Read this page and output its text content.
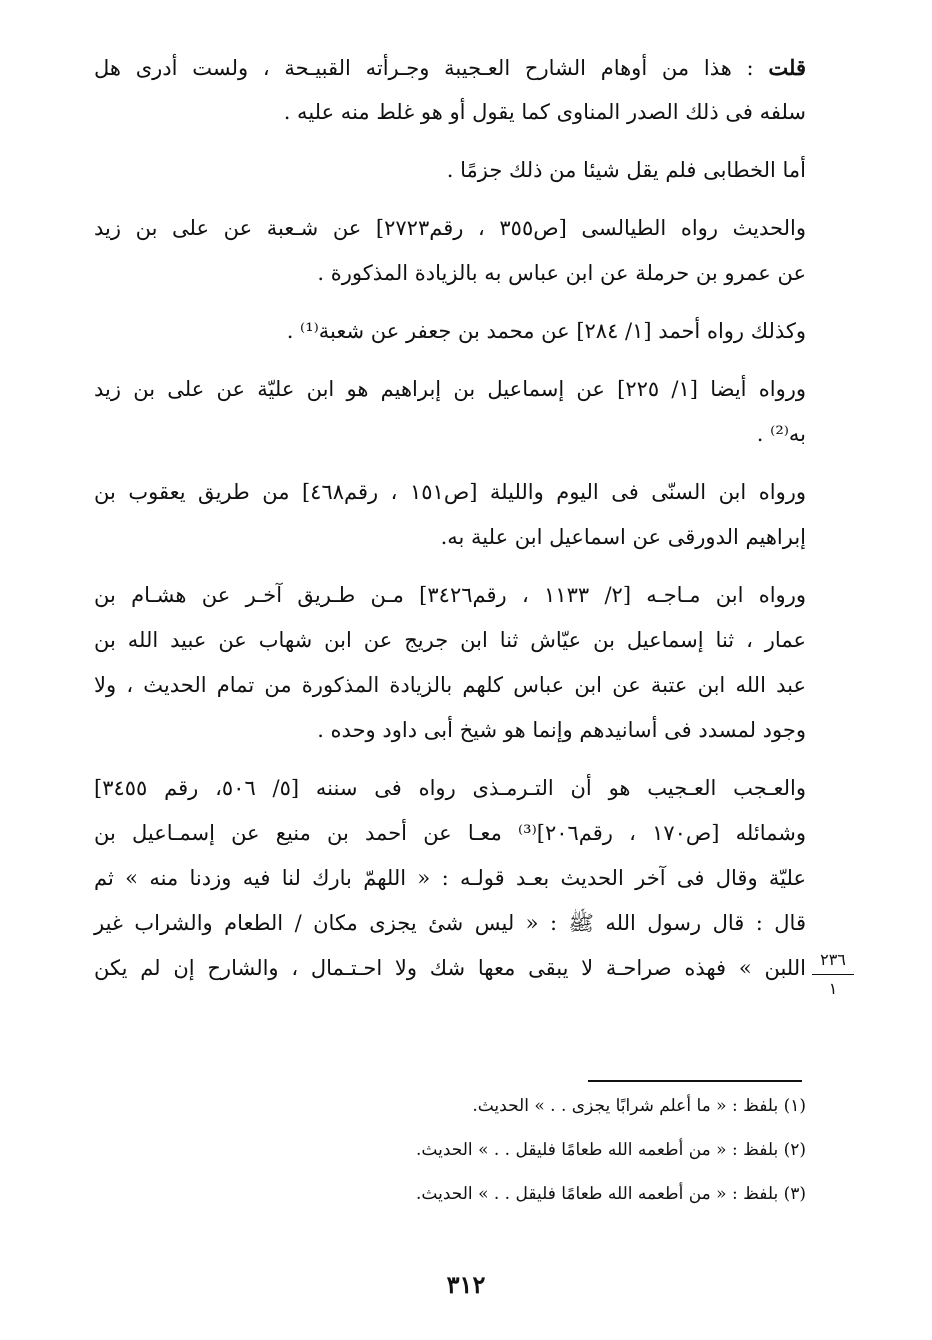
قلت : هذا من أوهام الشارح العـجيبة وجـرأته القبيـحة ، ولست أدرى هل
سلفه فى ذلك الصدر المناوى كما يقول أو هو غلط منه عليه .
أما الخطابى فلم يقل شيئا من ذلك جزمًا .
والحديث رواه الطيالسى [ص٣٥٥ ، رقم٢٧٢٣] عن شـعبة عن على بن زيد
عن عمرو بن حرملة عن ابن عباس به بالزيادة المذكورة .
وكذلك رواه أحمد [١/ ٢٨٤] عن محمد بن جعفر عن شعبة⁽¹⁾ .
ورواه أيضا [١/ ٢٢٥] عن إسماعيل بن إبراهيم هو ابن عليّة عن على بن زيد
به⁽²⁾ .
ورواه ابن السنّى فى اليوم والليلة [ص١٥١ ، رقم٤٦٨] من طريق يعقوب بن
إبراهيم الدورقى عن اسماعيل ابن علية به.
ورواه ابن مـاجـه [٢/ ١١٣٣ ، رقم٣٤٢٦] مـن طـريق آخـر عن هشـام بن
عمار ، ثنا إسماعيل بن عيّاش ثنا ابن جريج عن ابن شهاب عن عبيد الله بن
عبد الله ابن عتبة عن ابن عباس كلهم بالزيادة المذكورة من تمام الحديث ، ولا
وجود لمسدد فى أسانيدهم وإنما هو شيخ أبى داود وحده .
والعـجب العـجيب هو أن التـرمـذى رواه فى سننه [٥/ ٥٠٦، رقم ٣٤٥٥]
وشمائله [ص١٧٠ ، رقم٢٠٦]⁽³⁾ معـا عن أحمد بن منيع عن إسمـاعيل بن
عليّة وقال فى آخر الحديث بعـد قولـه : « اللهمّ بارك لنا فيه وزدنا منه » ثم
قال : قال رسول الله ﷺ : « ليس شئ يجزى مكان / الطعام والشراب غير
اللبن » فهذه صراحـة لا يبقى معها شك ولا احـتـمال ، والشارح إن لم يكن ٢٣٦
١
(١) بلفظ : « ما أعلم شرابًا يجزى . . » الحديث.
(٢) بلفظ : « من أطعمه الله طعامًا فليقل . . » الحديث.
(٣) بلفظ : « من أطعمه الله طعامًا فليقل . . » الحديث.
٣١٢
